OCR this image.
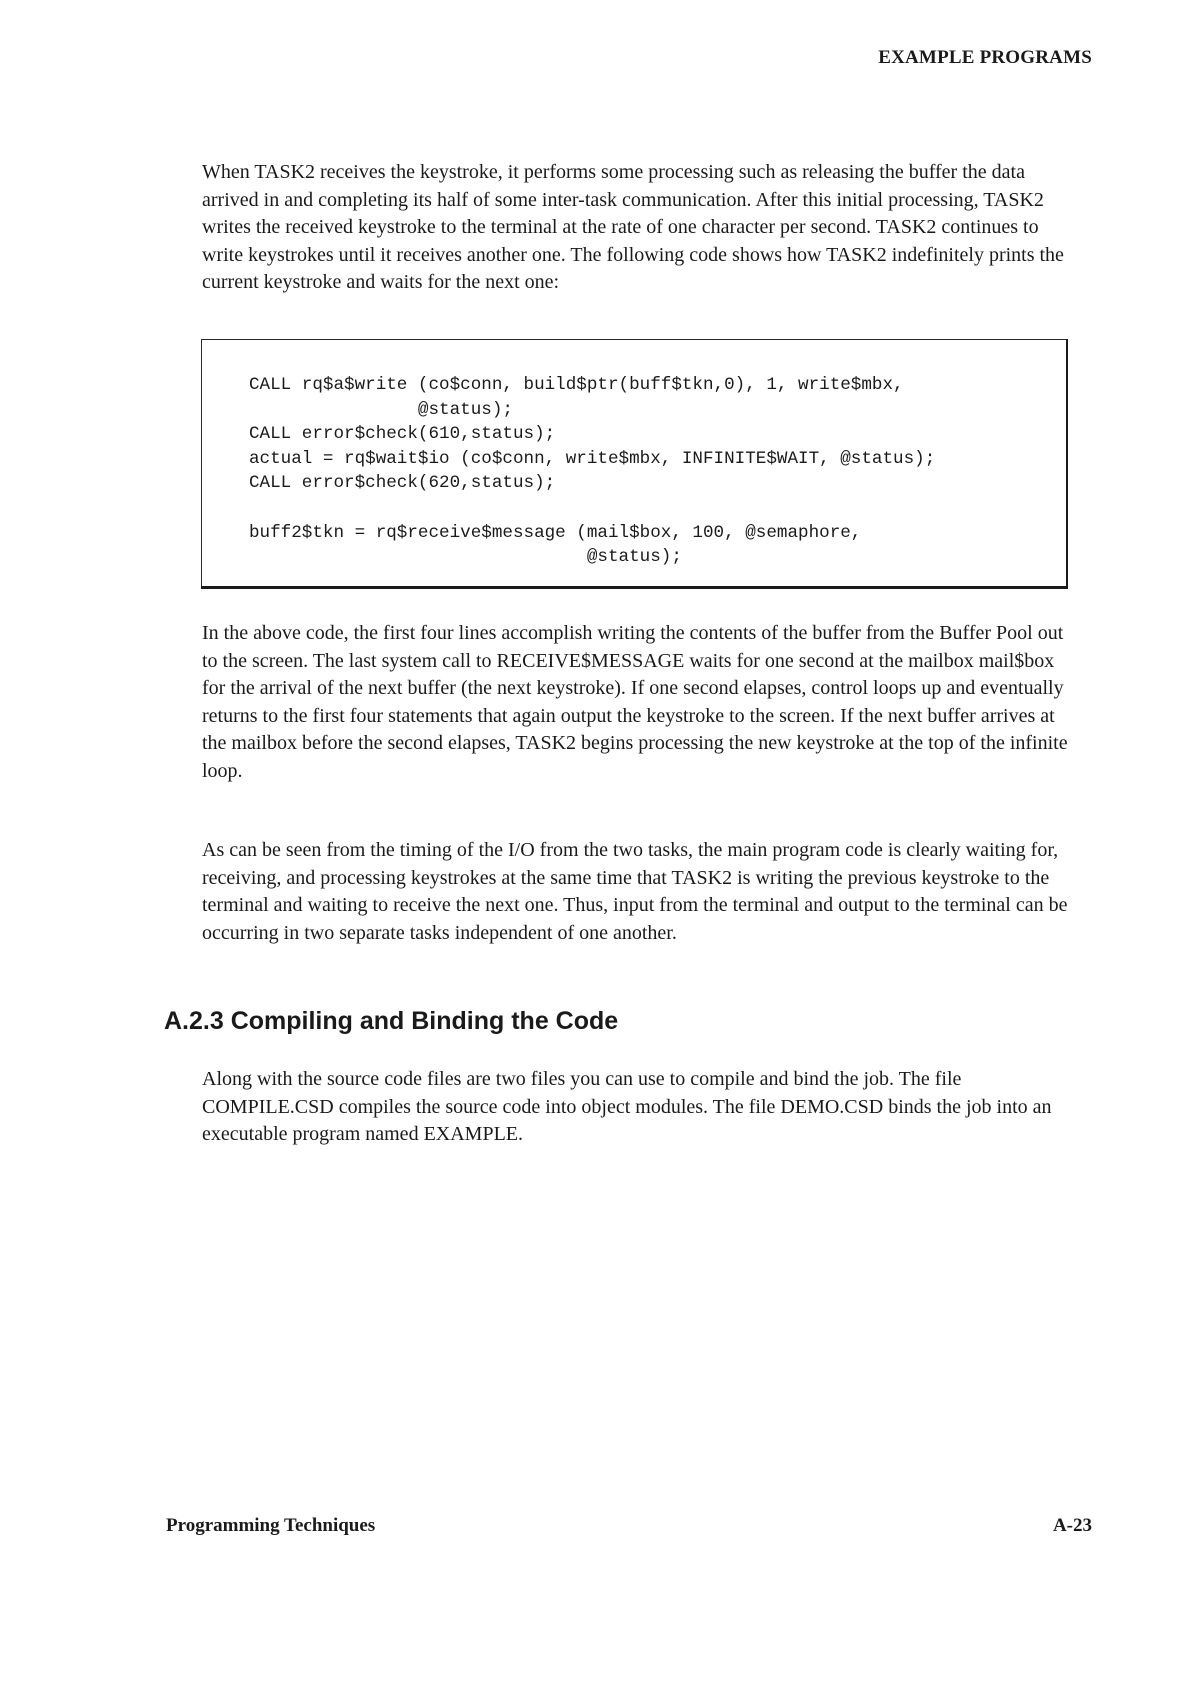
EXAMPLE PROGRAMS

When TASK2 receives the keystroke, it performs some processing such as releasing the buffer the data arrived in and completing its half of some inter-task communication. After this initial processing, TASK2 writes the received keystroke to the terminal at the rate of one character per second. TASK2 continues to write keystrokes until it receives another one. The following code shows how TASK2 indefinitely prints the current keystroke and waits for the next one:

CALL rq$a$write (co$conn, build$ptr(buff$tkn,0), 1, write$mbx,
@status);
CALL error$check(610,status);
actual = rq$wait$io (co$conn, write$mbx, INFINITE$WAIT, @status);
CALL error$check(620,status);

buff2$tkn = rq$receive$message (mail$box, 100, @semaphore,
@status);

In the above code, the first four lines accomplish writing the contents of the buffer from the Buffer Pool out to the screen. The last system call to RECEIVE$MESSAGE waits for one second at the mailbox mail$box for the arrival of the next buffer (the next keystroke). If one second elapses, control loops up and eventually returns to the first four statements that again output the keystroke to the screen. If the next buffer arrives at the mailbox before the second elapses, TASK2 begins processing the new keystroke at the top of the infinite loop.

As can be seen from the timing of the I/O from the two tasks, the main program code is clearly waiting for, receiving, and processing keystrokes at the same time that TASK2 is writing the previous keystroke to the terminal and waiting to receive the next one. Thus, input from the terminal and output to the terminal can be occurring in two separate tasks independent of one another.

A.2.3 Compiling and Binding the Code

Along with the source code files are two files you can use to compile and bind the job. The file COMPILE.CSD compiles the source code into object modules. The file DEMO.CSD binds the job into an executable program named EXAMPLE.

Programming Techniques	A-23
